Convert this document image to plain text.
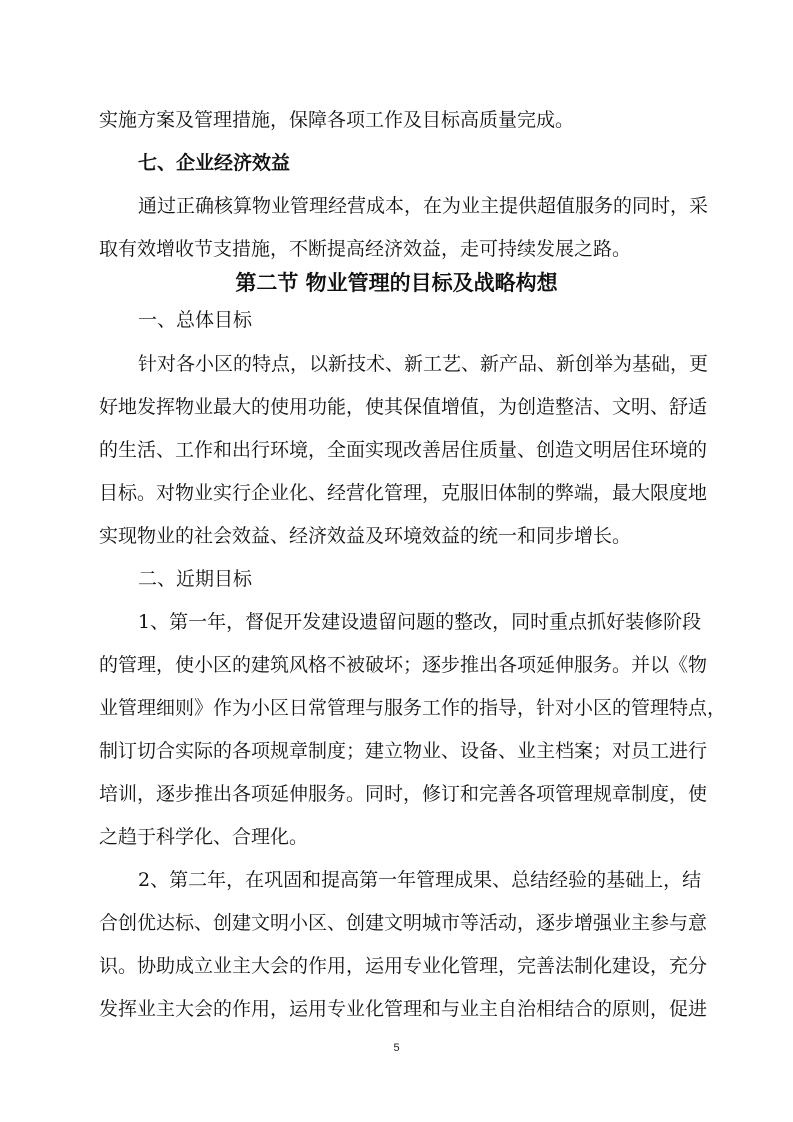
实施方案及管理措施，保障各项工作及目标高质量完成。
七、企业经济效益
通过正确核算物业管理经营成本，在为业主提供超值服务的同时，采
取有效增收节支措施，不断提高经济效益，走可持续发展之路。
第二节 物业管理的目标及战略构想
一、总体目标
针对各小区的特点，以新技术、新工艺、新产品、新创举为基础，更
好地发挥物业最大的使用功能，使其保值增值，为创造整洁、文明、舒适
的生活、工作和出行环境，全面实现改善居住质量、创造文明居住环境的
目标。对物业实行企业化、经营化管理，克服旧体制的弊端，最大限度地
实现物业的社会效益、经济效益及环境效益的统一和同步增长。
二、近期目标
1、第一年，督促开发建设遗留问题的整改，同时重点抓好装修阶段
的管理，使小区的建筑风格不被破坏；逐步推出各项延伸服务。并以《物
业管理细则》作为小区日常管理与服务工作的指导，针对小区的管理特点，
制订切合实际的各项规章制度；建立物业、设备、业主档案；对员工进行
培训，逐步推出各项延伸服务。同时，修订和完善各项管理规章制度，使
之趋于科学化、合理化。
2、第二年，在巩固和提高第一年管理成果、总结经验的基础上，结
合创优达标、创建文明小区、创建文明城市等活动，逐步增强业主参与意
识。协助成立业主大会的作用，运用专业化管理，完善法制化建设，充分
发挥业主大会的作用，运用专业化管理和与业主自治相结合的原则，促进
5
